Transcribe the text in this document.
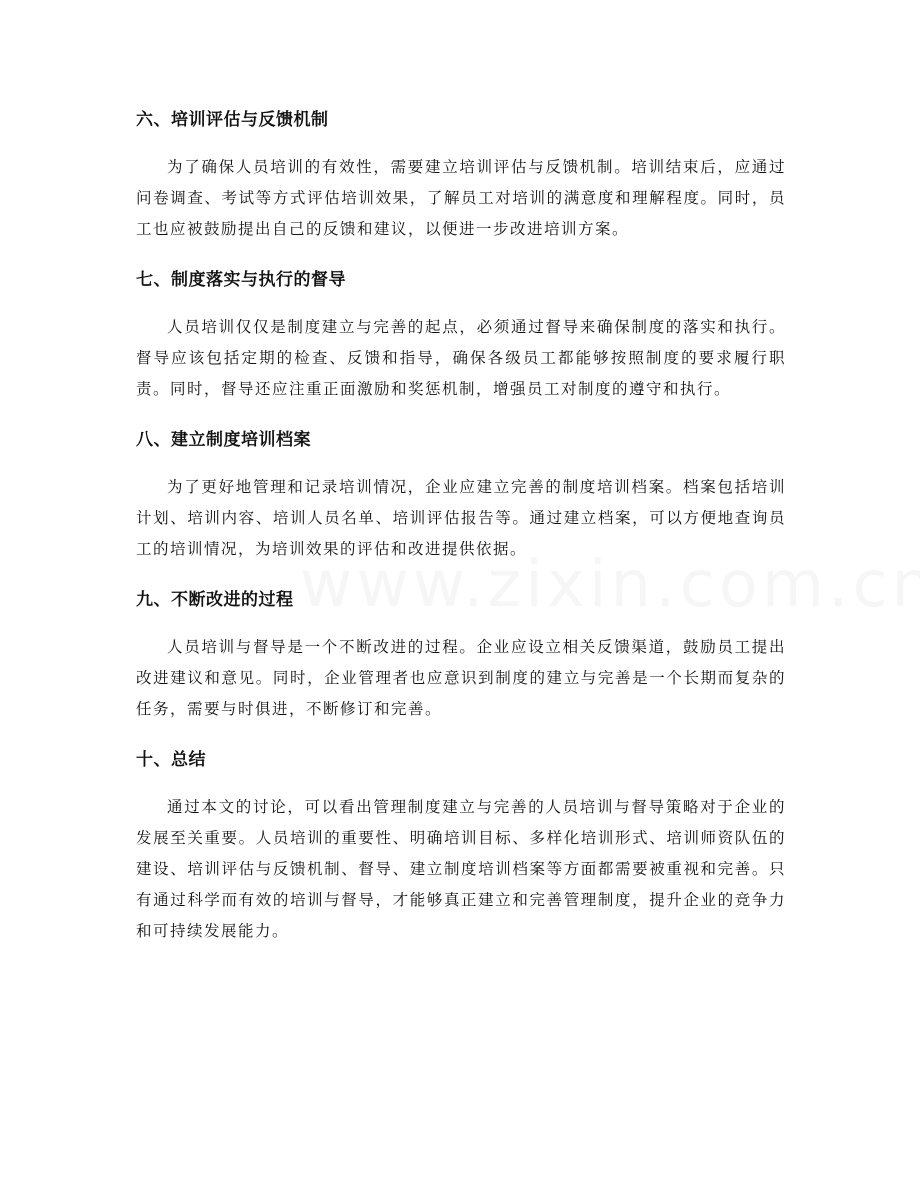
六、培训评估与反馈机制

为了确保人员培训的有效性，需要建立培训评估与反馈机制。培训结束后，应通过问卷调查、考试等方式评估培训效果，了解员工对培训的满意度和理解程度。同时，员工也应被鼓励提出自己的反馈和建议，以便进一步改进培训方案。

七、制度落实与执行的督导

人员培训仅仅是制度建立与完善的起点，必须通过督导来确保制度的落实和执行。督导应该包括定期的检查、反馈和指导，确保各级员工都能够按照制度的要求履行职责。同时，督导还应注重正面激励和奖惩机制，增强员工对制度的遵守和执行。

八、建立制度培训档案

为了更好地管理和记录培训情况，企业应建立完善的制度培训档案。档案包括培训计划、培训内容、培训人员名单、培训评估报告等。通过建立档案，可以方便地查询员工的培训情况，为培训效果的评估和改进提供依据。

九、不断改进的过程

人员培训与督导是一个不断改进的过程。企业应设立相关反馈渠道，鼓励员工提出改进建议和意见。同时，企业管理者也应意识到制度的建立与完善是一个长期而复杂的任务，需要与时俱进，不断修订和完善。

十、总结

通过本文的讨论，可以看出管理制度建立与完善的人员培训与督导策略对于企业的发展至关重要。人员培训的重要性、明确培训目标、多样化培训形式、培训师资队伍的建设、培训评估与反馈机制、督导、建立制度培训档案等方面都需要被重视和完善。只有通过科学而有效的培训与督导，才能够真正建立和完善管理制度，提升企业的竞争力和可持续发展能力。
